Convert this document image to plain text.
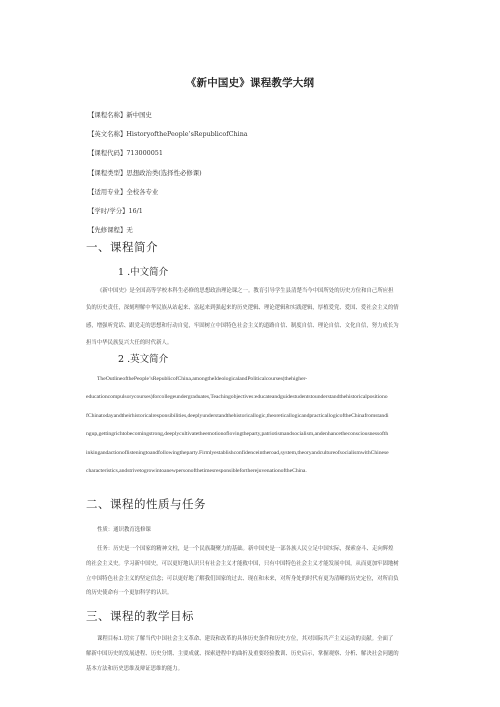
《新中国史》课程教学大纲
【课程名称】新中国史
【英文名称】HistoryofthePeople’sRepublicofChina
【课程代码】713000051
【课程类型】思想政治类(选择性必修课)
【适用专业】全校各专业
【学时/学分】16/1
【先修课程】无
一、课程简介
1 .中文简介
《新中国史》是全国高等学校本科生必修的思想政治理论课之一。教育引导学生县清楚当今中国所处的历史方位和自己所应担
负的历史责任，深刻理解中华民族从站起来、富起来到强起来的历史逻辑、理论逻辑和实践逻辑，厚植爱党、爱国、爱社会主义的情
感，增强听党话、跟党走的思想和行动自觉，牢固树立中国特色社会主义的道路自信、制度自信、理论自信、文化自信，努力成长为
担当中华民族复兴大任的时代新人。
2 .英文简介
TheOutlineofthePeople’sRepublicofChina,amongtheIdeologicalandPoliticalcourses(thehigher-
educationcompulsorycourses)forcollegeundergraduates,Teachingobjectives:educateandguidestudentstounderstandthehistoricalpositiono
fChinatodayandtheirhistoricalresponsibilities,deeplyunderstandthehistoricallogic,theoreticallogicandpracticallogicoftheChinafromstandi
ngup,gettingrichtobecomingstrong,deeplycultivatetheemotionoflovingtheparty,patriotismandsocialism,andenhancetheconsciousnessofth
inkingandactionoflisteningtoandfollowingtheparty.Firmlyestablishconfidenceintheroad,system,theoryandcultureofsocialismwithChinese
characteristics,andstrivetogrowintoanewpersonofthetimesresponsiblefortherejuvenationoftheChina.
二、课程的性质与任务
性质：通识教育选修课
任务：历史是一个国家的精神文柱，是一个民族凝聚力的基础。新中国史是一部各族人民立足中国实际，探索奋斗、走向辉煌
的社会主义史。学习新中国史，可以更好地认识只有社会主义才能救中国，只有中国特色社会主义才能发展中国，从而更加牢固地树
立中国特色社会主义的坚定信念；可以更好地了解我们国家的过去、现在和未来，对所身处的时代有更为清晰的历史定位，对所肩负
的历史使命有一个更加科学的认识。
三、课程的教学目标
课程目标1.切实了解当代中国社会主义革命、建设和改革的具体历史条件和历史方位，其对国际共产主义运动的贡献。全面了
解新中国历史的发展进程、历史分期、主要成就、探索进程中的曲折及重要经验教训、历史启示，掌握观察、分析、解决社会问题的
基本方法和历史思维及辩证思维的能力。
